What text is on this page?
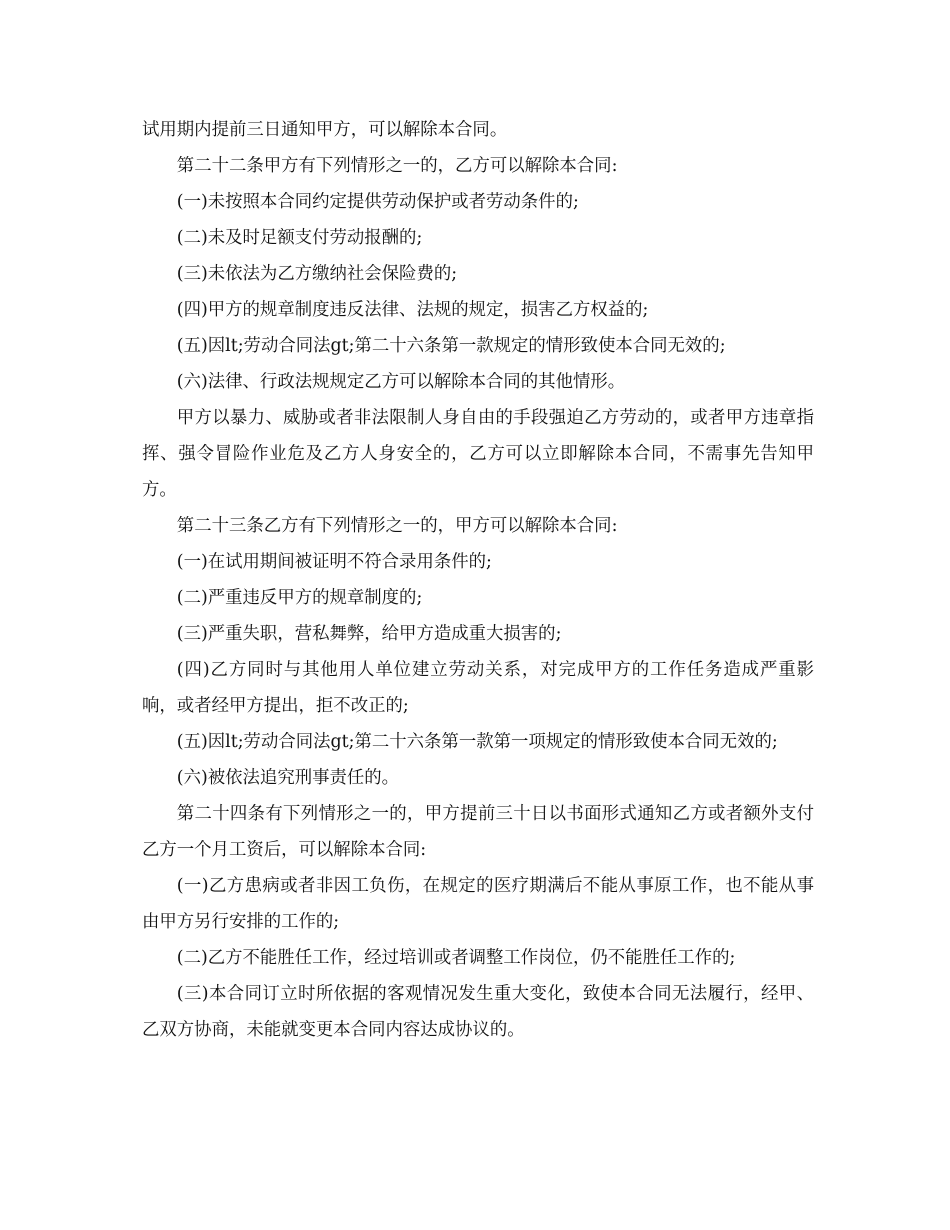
试用期内提前三日通知甲方，可以解除本合同。

第二十二条甲方有下列情形之一的，乙方可以解除本合同:

(一)未按照本合同约定提供劳动保护或者劳动条件的;

(二)未及时足额支付劳动报酬的;

(三)未依法为乙方缴纳社会保险费的;

(四)甲方的规章制度违反法律、法规的规定，损害乙方权益的;

(五)因lt;劳动合同法gt;第二十六条第一款规定的情形致使本合同无效的;

(六)法律、行政法规规定乙方可以解除本合同的其他情形。

甲方以暴力、威胁或者非法限制人身自由的手段强迫乙方劳动的，或者甲方违章指挥、强令冒险作业危及乙方人身安全的，乙方可以立即解除本合同，不需事先告知甲方。

第二十三条乙方有下列情形之一的，甲方可以解除本合同:

(一)在试用期间被证明不符合录用条件的;

(二)严重违反甲方的规章制度的;

(三)严重失职，营私舞弊，给甲方造成重大损害的;

(四)乙方同时与其他用人单位建立劳动关系，对完成甲方的工作任务造成严重影响，或者经甲方提出，拒不改正的;

(五)因lt;劳动合同法gt;第二十六条第一款第一项规定的情形致使本合同无效的;

(六)被依法追究刑事责任的。

第二十四条有下列情形之一的，甲方提前三十日以书面形式通知乙方或者额外支付乙方一个月工资后，可以解除本合同:

(一)乙方患病或者非因工负伤，在规定的医疗期满后不能从事原工作，也不能从事由甲方另行安排的工作的;

(二)乙方不能胜任工作，经过培训或者调整工作岗位，仍不能胜任工作的;

(三)本合同订立时所依据的客观情况发生重大变化，致使本合同无法履行，经甲、乙双方协商，未能就变更本合同内容达成协议的。
